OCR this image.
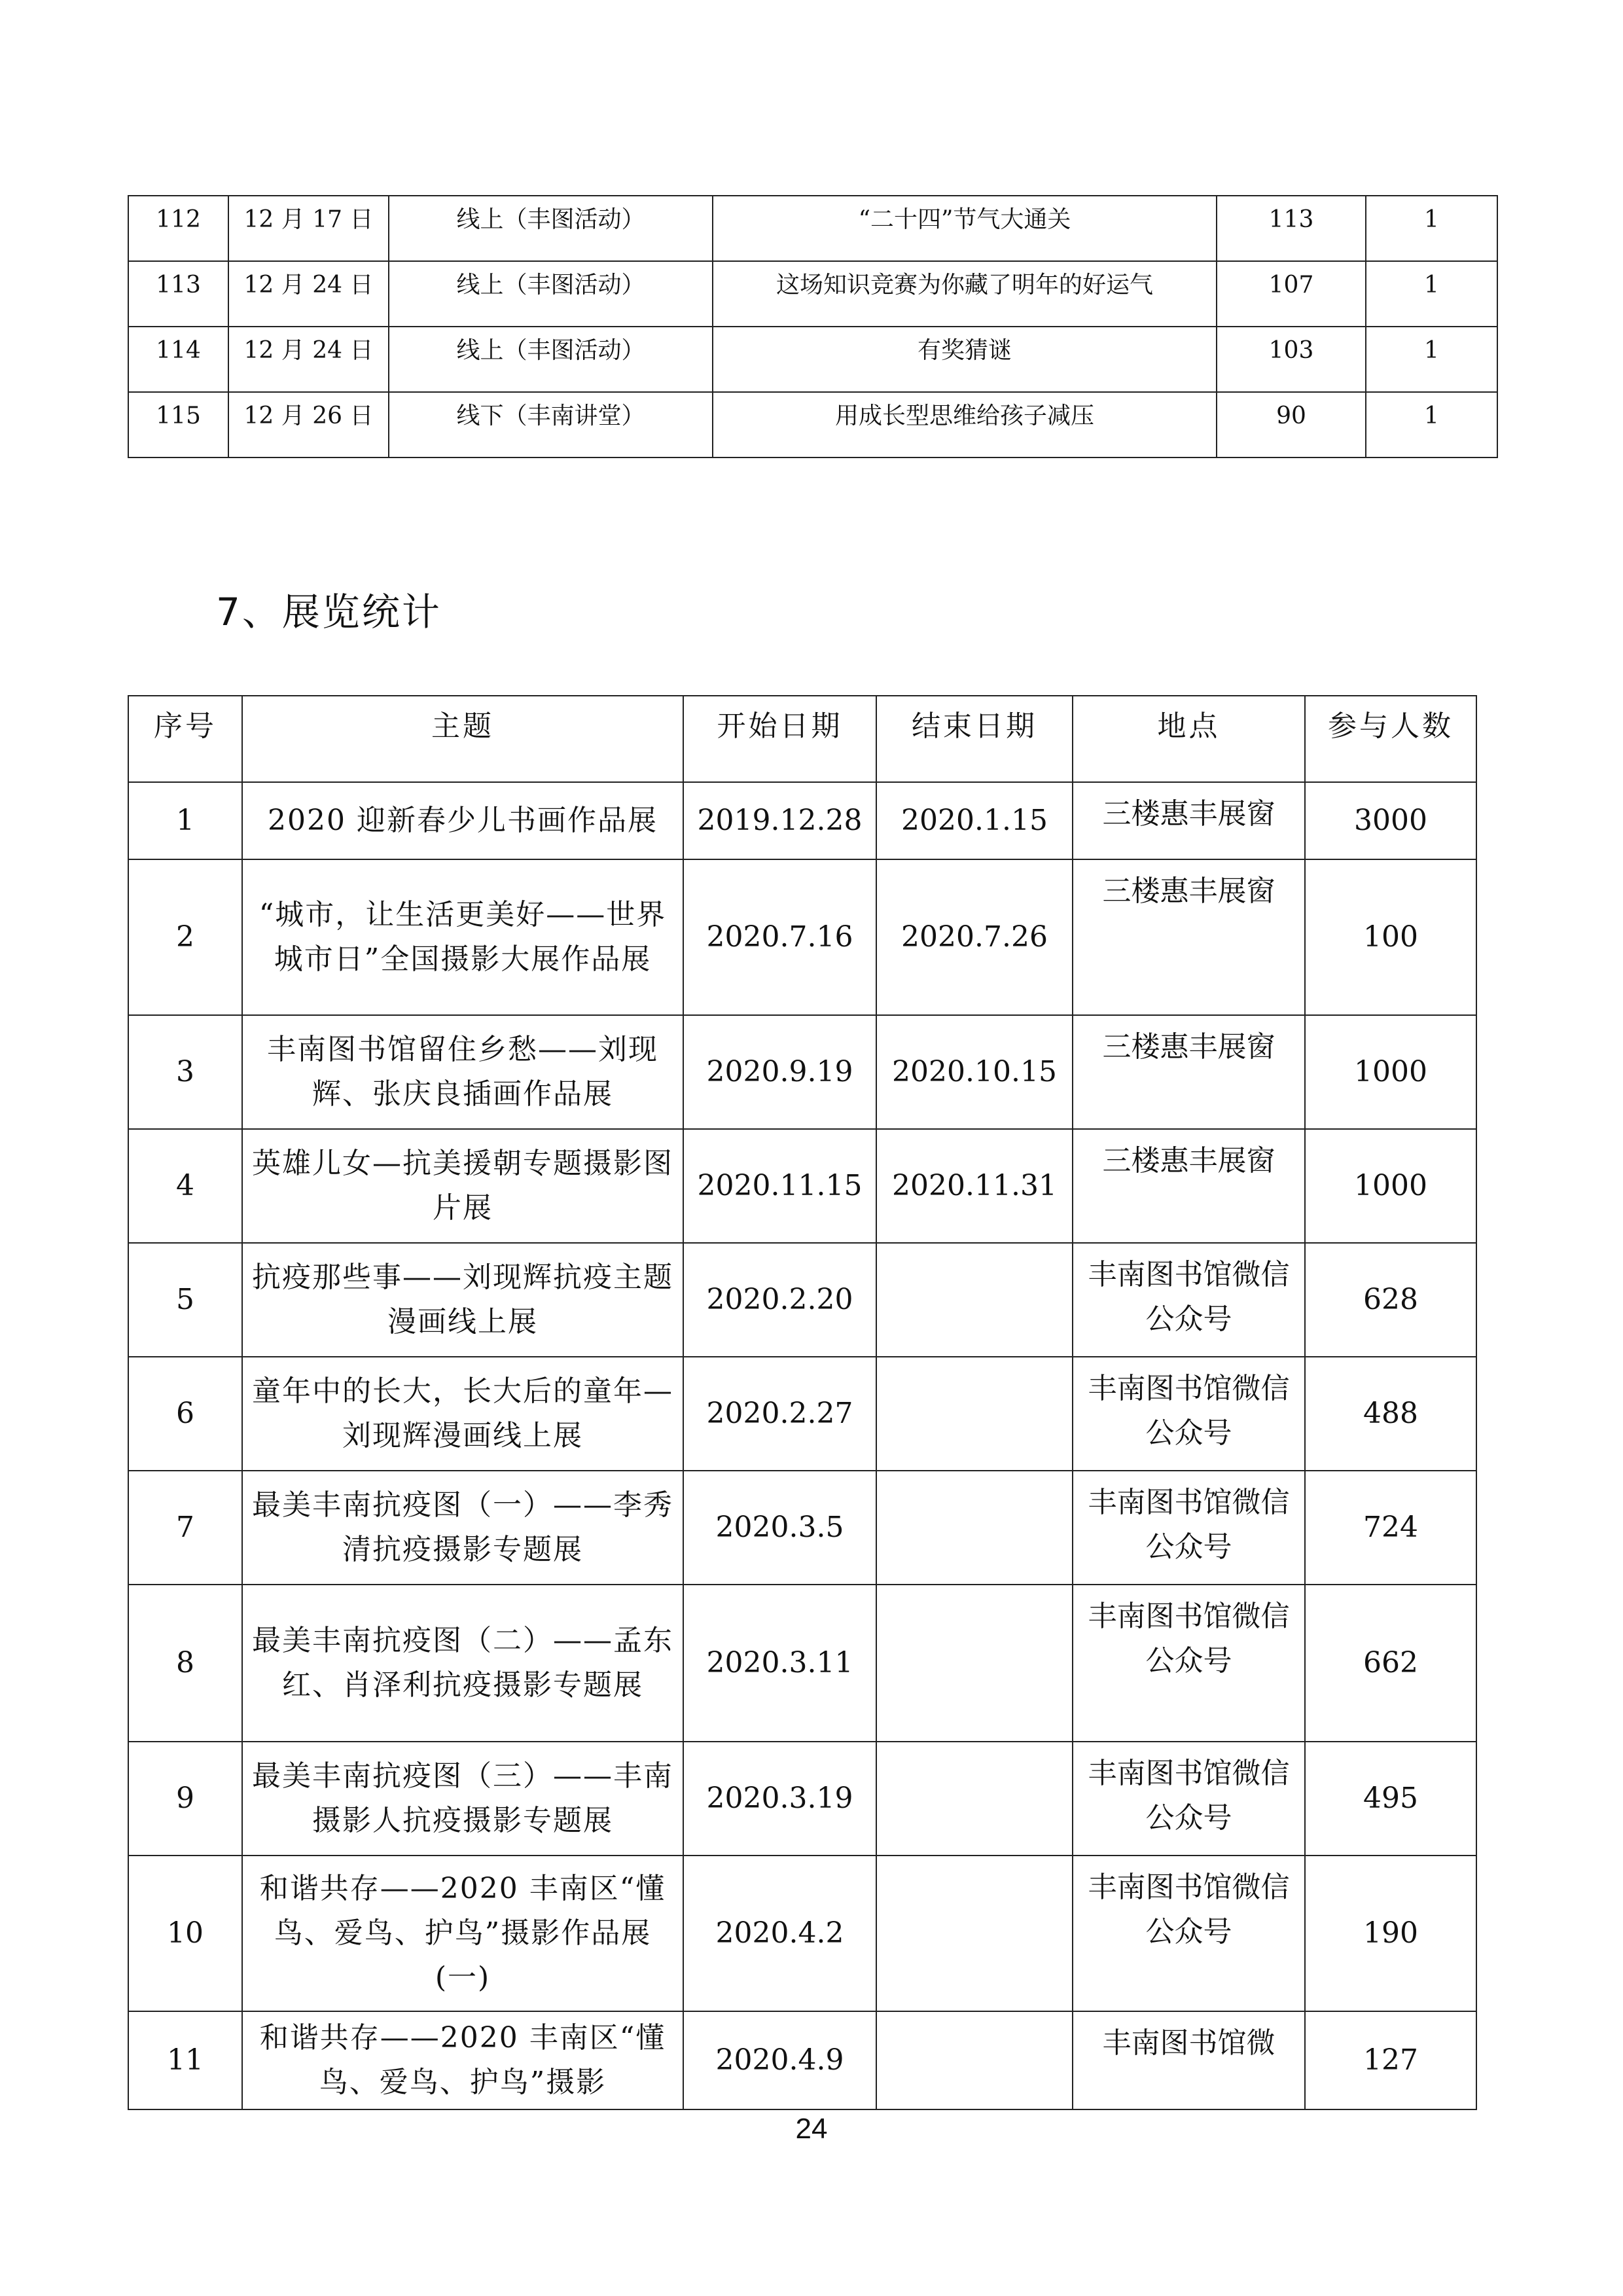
112	12 月 17 日	线上（丰图活动）	“二十四”节气大通关	113	1
113	12 月 24 日	线上（丰图活动）	这场知识竞赛为你藏了明年的好运气	107	1
114	12 月 24 日	线上（丰图活动）	有奖猜谜	103	1
115	12 月 26 日	线下（丰南讲堂）	用成长型思维给孩子减压	90	1
7、展览统计
序号	主题	开始日期	结束日期	地点	参与人数
1	2020 迎新春少儿书画作品展	2019.12.28	2020.1.15	三楼惠丰展窗	3000
2	“城市，让生活更美好——世界城市日”全国摄影大展作品展	2020.7.16	2020.7.26	三楼惠丰展窗	100
3	丰南图书馆留住乡愁——刘现辉、张庆良插画作品展	2020.9.19	2020.10.15	三楼惠丰展窗	1000
4	英雄儿女—抗美援朝专题摄影图片展	2020.11.15	2020.11.31	三楼惠丰展窗	1000
5	抗疫那些事——刘现辉抗疫主题漫画线上展	2020.2.20		丰南图书馆微信公众号	628
6	童年中的长大，长大后的童年—刘现辉漫画线上展	2020.2.27		丰南图书馆微信公众号	488
7	最美丰南抗疫图（一）——李秀清抗疫摄影专题展	2020.3.5		丰南图书馆微信公众号	724
8	最美丰南抗疫图（二）——孟东红、肖泽利抗疫摄影专题展	2020.3.11		丰南图书馆微信公众号	662
9	最美丰南抗疫图（三）——丰南摄影人抗疫摄影专题展	2020.3.19		丰南图书馆微信公众号	495
10	和谐共存——2020 丰南区“懂鸟、爱鸟、护鸟”摄影作品展(一)	2020.4.2		丰南图书馆微信公众号	190
11	和谐共存——2020 丰南区“懂鸟、爱鸟、护鸟”摄影	2020.4.9		丰南图书馆微	127
24
